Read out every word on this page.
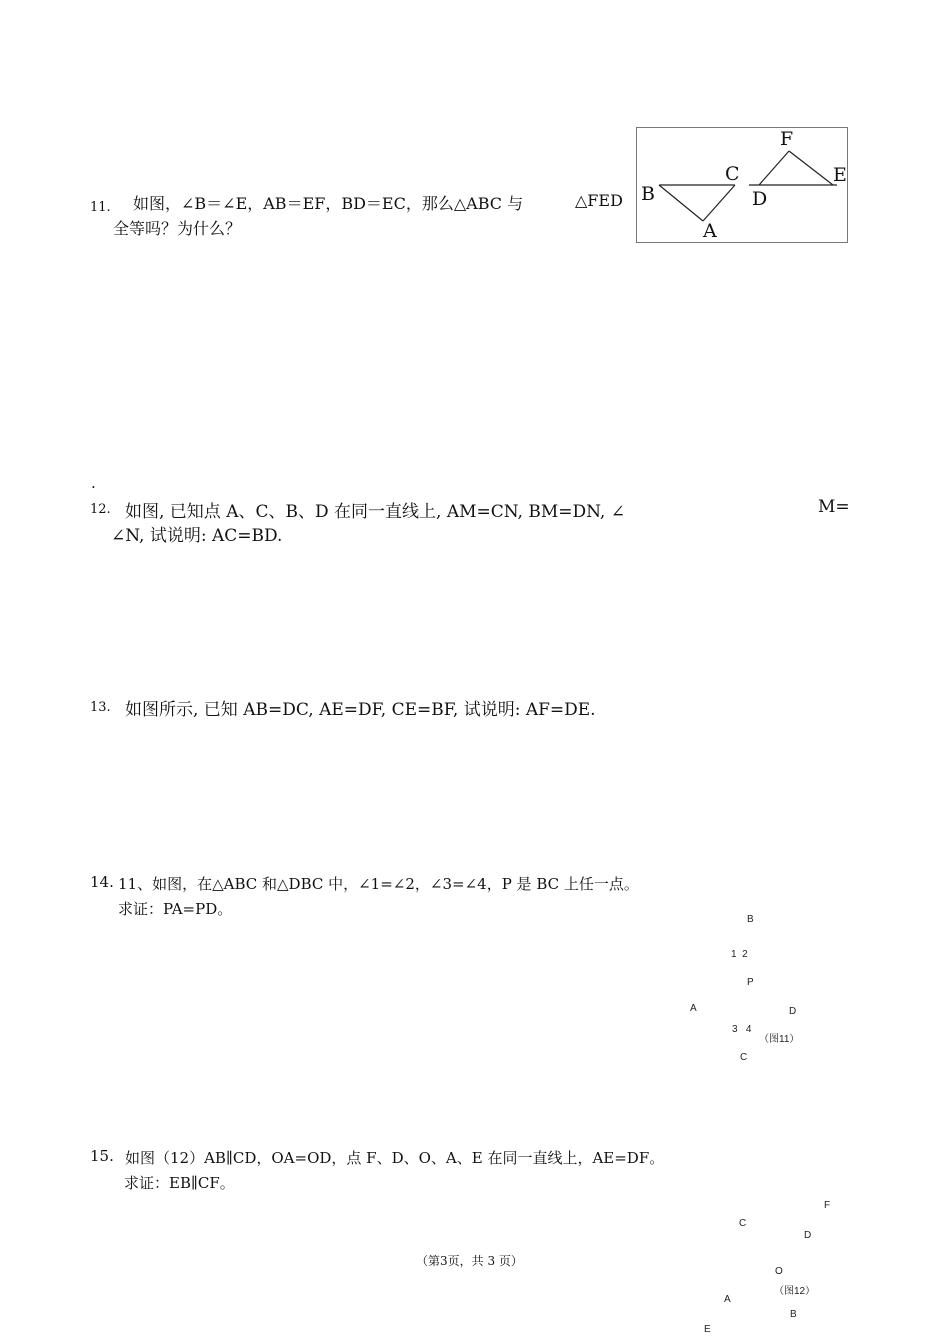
11. 如图，∠B＝∠E，AB＝EF，BD＝EC，那么△ABC 与	△FED
全等吗？为什么？
F
C	E
B	D
A
.
12. 如图, 已知点 A、C、B、D 在同一直线上, AM=CN, BM=DN, ∠	M=
∠N, 试说明: AC=BD.
13. 如图所示, 已知 AB=DC, AE=DF, CE=BF, 试说明: AF=DE.
14. 11、如图，在△ABC 和△DBC 中，∠1=∠2，∠3=∠4，P 是 BC 上任一点。
求证：PA=PD。
B
1  2
P
A	D
3   4
（图11）
C
15. 如图（12）AB∥CD，OA=OD，点 F、D、O、A、E 在同一直线上，AE=DF。
求证：EB∥CF。
F
C
D
O
（图12）
A
B
E
（第3页，共 3 页）
